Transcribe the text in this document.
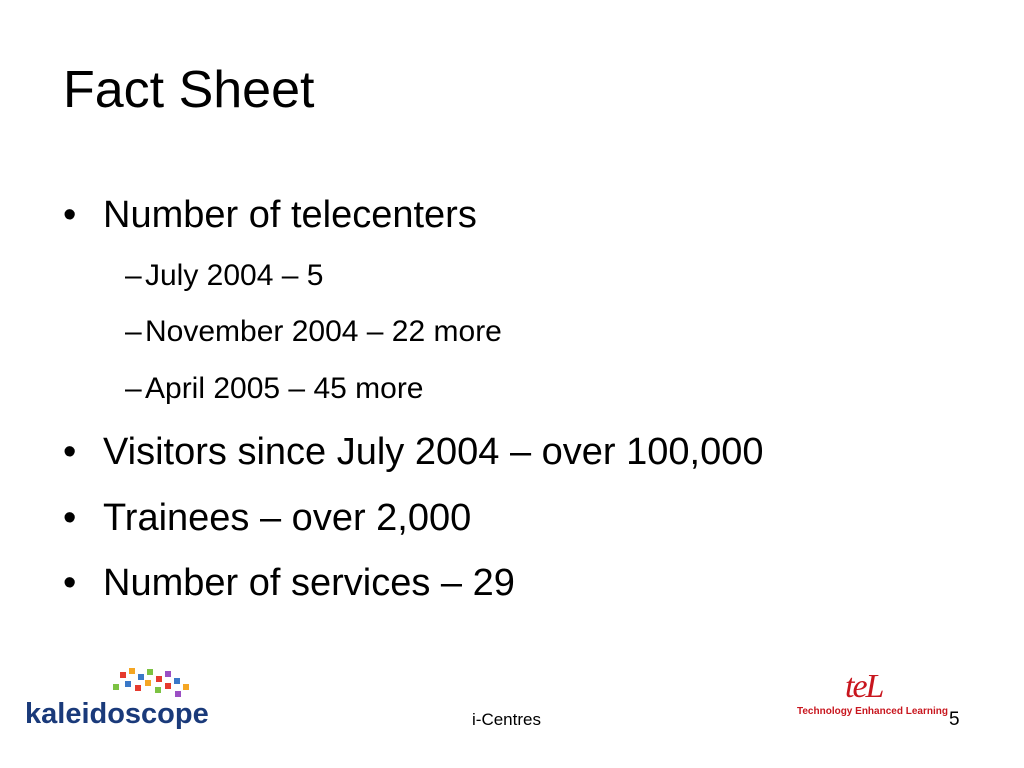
Fact Sheet
• Number of telecenters
– July 2004 – 5
– November 2004 – 22 more
– April 2005 – 45 more
• Visitors since July 2004 – over 100,000
• Trainees – over 2,000
• Number of services – 29
kaleidoscope	i-Centres
teL
Technology Enhanced Learning 5
